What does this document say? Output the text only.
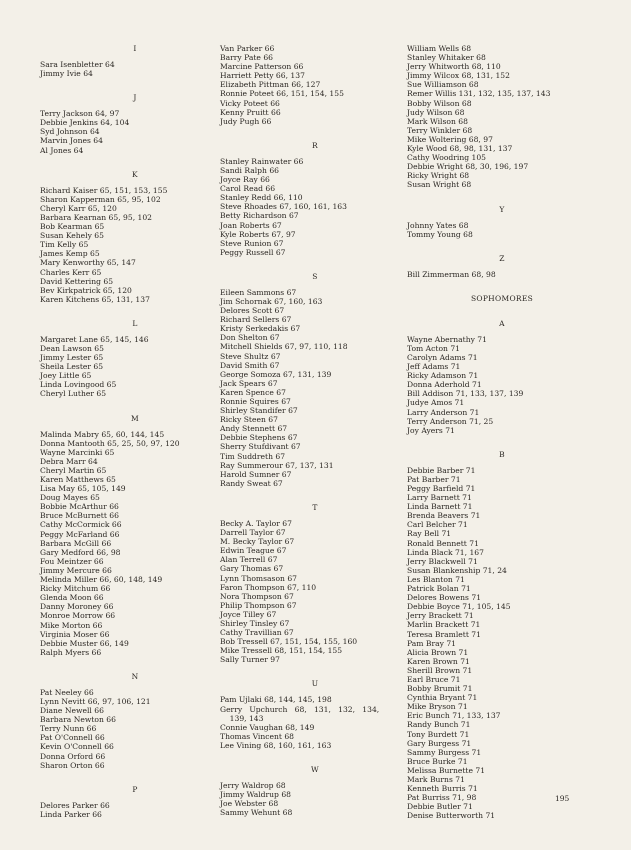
I
Sara Isenbletter 64
Jimmy Ivie 64
J
Terry Jackson 64, 97
Debbie Jenkins 64, 104
Syd Johnson 64
Marvin Jones 64
Al Jones 64
K
Richard Kaiser 65, 151, 153, 155
Sharon Kapperman 65, 95, 102
Cheryl Karr 65, 120
Barbara Kearnan 65, 95, 102
Bob Kearman 65
Susan Kehely 65
Tim Kelly 65
James Kemp 65
Mary Kenworthy 65, 147
Charles Kerr 65
David Kettering 65
Bev Kirkpatrick 65, 120
Karen Kitchens 65, 131, 137
L
Margaret Lane 65, 145, 146
Dean Lawson 65
Jimmy Lester 65
Sheila Lester 65
Joey Little 65
Linda Lovingood 65
Cheryl Luther 65
M
Malinda Mabry 65, 60, 144, 145
Donna Mantooth 65, 25, 50, 97, 120
Wayne Marcinki 65
Debra Marr 64
Cheryl Martin 65
Karen Matthews 65
Lisa May 65, 105, 149
Doug Mayes 65
Bobbie McArthur 66
Bruce McBurnett 66
Cathy McCormick 66
Peggy McFarland 66
Barbara McGill 66
Gary Medford 66, 98
Fou Meintzer 66
Jimmy Mercure 66
Melinda Miller 66, 60, 148, 149
Ricky Mitchum 66
Glenda Moon 66
Danny Moroney 66
Monroe Morrow 66
Mike Morton 66
Virginia Moser 66
Debbie Muster 66, 149
Ralph Myers 66
N
Pat Neeley 66
Lynn Nevitt 66, 97, 106, 121
Diane Newell 66
Barbara Newton 66
Terry Nunn 66
Pat O'Connell 66
Kevin O'Connell 66
Donna Orford 66
Sharon Orton 66
P
Delores Parker 66
Linda Parker 66
Van Parker 66
Barry Pate 66
Marcine Patterson 66
Harriett Petty 66, 137
Elizabeth Pittman 66, 127
Ronnie Poteet 66, 151, 154, 155
Vicky Poteet 66
Kenny Pruitt 66
Judy Pugh 66
R
Stanley Rainwater 66
Sandi Ralph 66
Joyce Ray 66
Carol Read 66
Stanley Redd 66, 110
Steve Rhoades 67, 160, 161, 163
Betty Richardson 67
Joan Roberts 67
Kyle Roberts 67, 97
Steve Runion 67
Peggy Russell 67
S
Eileen Sammons 67
Jim Schornak 67, 160, 163
Delores Scott 67
Richard Sellers 67
Kristy Serkedakis 67
Don Shelton 67
Mitchell Shields 67, 97, 110, 118
Steve Shultz 67
David Smith 67
George Somoza 67, 131, 139
Jack Spears 67
Karen Spence 67
Ronnie Squires 67
Shirley Standifer 67
Ricky Steen 67
Andy Stennett 67
Debbie Stephens 67
Sherry Stufdivant 67
Tim Suddreth 67
Ray Summerour 67, 137, 131
Harold Sumner 67
Randy Sweat 67
T
Becky A. Taylor 67
Darrell Taylor 67
M. Becky Taylor 67
Edwin Teague 67
Alan Terrell 67
Gary Thomas 67
Lynn Thomsason 67
Faron Thompson 67, 110
Nora Thompson 67
Philip Thompson 67
Joyce Tilley 67
Shirley Tinsley 67
Cathy Travillian 67
Bob Tressell 67, 151, 154, 155, 160
Mike Tressell 68, 151, 154, 155
Sally Turner 97
U
Pam Ujlaki 68, 144, 145, 198
Gerry   Upchurch   68,   131,   132,   134,
139, 143
Connie Vaughan 68, 149
Thomas Vincent 68
Lee Vining 68, 160, 161, 163
W
Jerry Waldrop 68
Jimmy Waldrup 68
Joe Webster 68
Sammy Wehunt 68
William Wells 68
Stanley Whitaker 68
Jerry Whitworth 68, 110
Jimmy Wilcox 68, 131, 152
Sue Williamson 68
Remer Willis 131, 132, 135, 137, 143
Bobby Wilson 68
Judy Wilson 68
Mark Wilson 68
Terry Winkler 68
Mike Woltering 68, 97
Kyle Wood 68, 98, 131, 137
Cathy Woodring 105
Debbie Wright 68, 30, 196, 197
Ricky Wright 68
Susan Wright 68
Y
Johnny Yates 68
Tommy Young 68
Z
Bill Zimmerman 68, 98
SOPHOMORES
A
Wayne Abernathy 71
Tom Acton 71
Carolyn Adams 71
Jeff Adams 71
Ricky Adamson 71
Donna Aderhold 71
Bill Addison 71, 133, 137, 139
Judye Amos 71
Larry Anderson 71
Terry Anderson 71, 25
Joy Ayers 71
B
Debbie Barber 71
Pat Barber 71
Peggy Barfield 71
Larry Barnett 71
Linda Barnett 71
Brenda Beavers 71
Carl Belcher 71
Ray Bell 71
Ronald Bennett 71
Linda Black 71, 167
Jerry Blackwell 71
Susan Blankenship 71, 24
Les Blanton 71
Patrick Bolan 71
Delores Bowens 71
Debbie Boyce 71, 105, 145
Jerry Brackett 71
Marlin Brackett 71
Teresa Bramlett 71
Pam Bray 71
Alicia Brown 71
Karen Brown 71
Sherill Brown 71
Earl Bruce 71
Bobby Brumit 71
Cynthia Bryant 71
Mike Bryson 71
Eric Bunch 71, 133, 137
Randy Bunch 71
Tony Burdett 71
Gary Burgess 71
Sammy Burgess 71
Bruce Burke 71
Melissa Burnette 71
Mark Burns 71
Kenneth Burris 71
Pat Burriss 71, 98
Debbie Butler 71
Denise Butterworth 71
195
